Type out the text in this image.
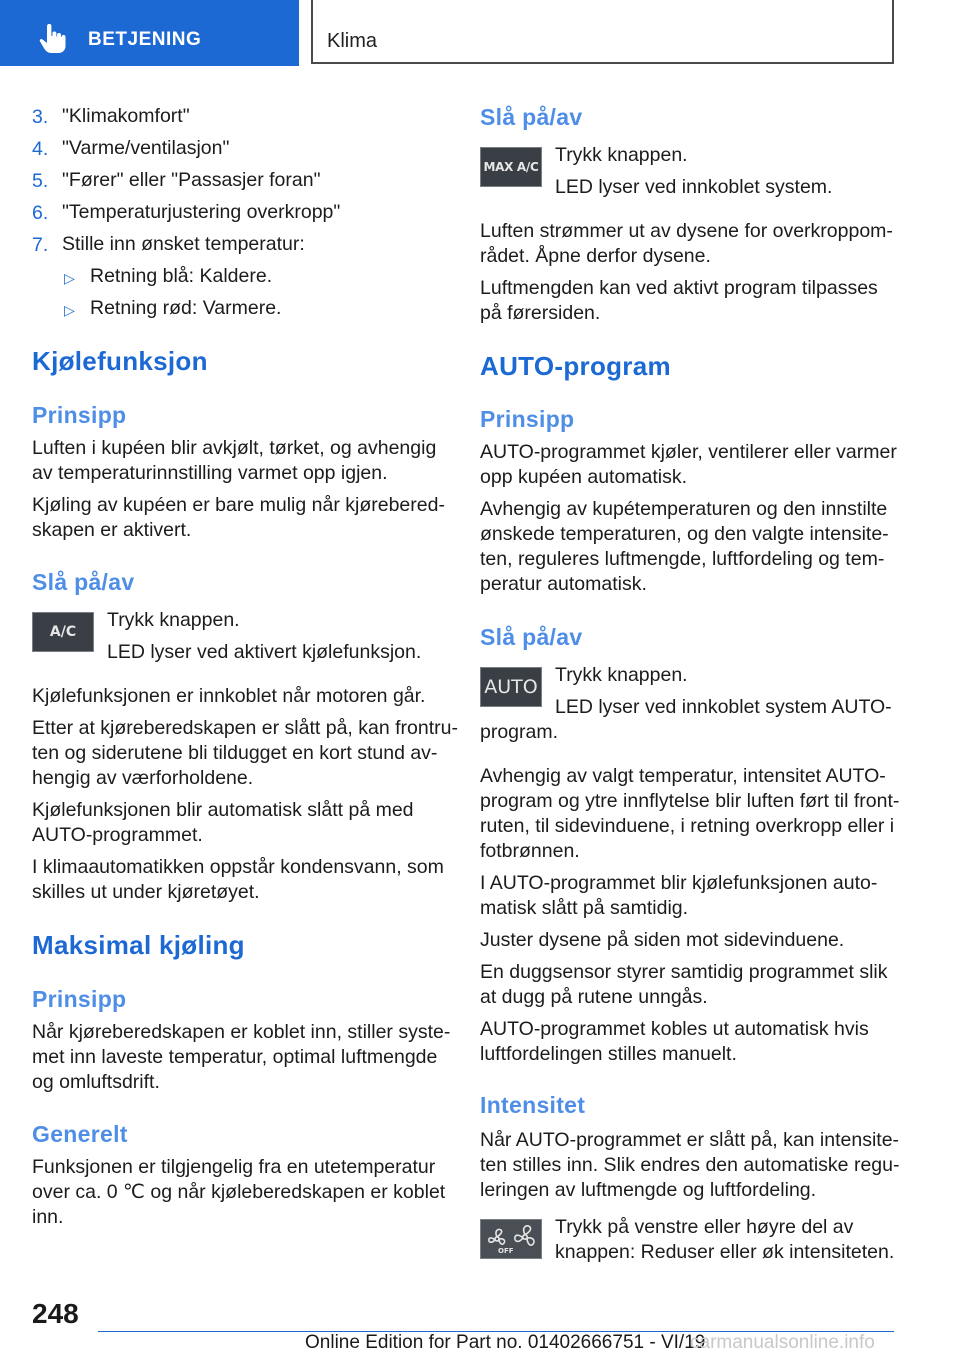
BETJENING	Klima
3. "Klimakomfort"
4. "Varme/ventilasjon"
5. "Fører" eller "Passasjer foran"
6. "Temperaturjustering overkropp"
7. Stille inn ønsket temperatur:
▷ Retning blå: Kaldere.
▷ Retning rød: Varmere.
Kjølefunksjon
Prinsipp
Luften i kupéen blir avkjølt, tørket, og avhengig
av temperaturinnstilling varmet opp igjen.
Kjøling av kupéen er bare mulig når kjørebered-
skapen er aktivert.
Slå på/av
A/C
Trykk knappen.
LED lyser ved aktivert kjølefunksjon.
Kjølefunksjonen er innkoblet når motoren går.
Etter at kjøreberedskapen er slått på, kan frontru-
ten og siderutene bli tildugget en kort stund av-
hengig av værforholdene.
Kjølefunksjonen blir automatisk slått på med
AUTO-programmet.
I klimaautomatikken oppstår kondensvann, som
skilles ut under kjøretøyet.
Maksimal kjøling
Prinsipp
Når kjøreberedskapen er koblet inn, stiller syste-
met inn laveste temperatur, optimal luftmengde
og omluftsdrift.
Generelt
Funksjonen er tilgjengelig fra en utetemperatur
over ca. 0 ℃ og når kjøleberedskapen er koblet
inn.
Slå på/av
MAX A/C
Trykk knappen.
LED lyser ved innkoblet system.
Luften strømmer ut av dysene for overkroppom-
rådet. Åpne derfor dysene.
Luftmengden kan ved aktivt program tilpasses
på førersiden.
AUTO-program
Prinsipp
AUTO-programmet kjøler, ventilerer eller varmer
opp kupéen automatisk.
Avhengig av kupétemperaturen og den innstilte
ønskede temperaturen, og den valgte intensite-
ten, reguleres luftmengde, luftfordeling og tem-
peratur automatisk.
Slå på/av
AUTO
Trykk knappen.
LED lyser ved innkoblet system AUTO-
program.
Avhengig av valgt temperatur, intensitet AUTO-
program og ytre innflytelse blir luften ført til front-
ruten, til sidevinduene, i retning overkropp eller i
fotbrønnen.
I AUTO-programmet blir kjølefunksjonen auto-
matisk slått på samtidig.
Juster dysene på siden mot sidevinduene.
En duggsensor styrer samtidig programmet slik
at dugg på rutene unngås.
AUTO-programmet kobles ut automatisk hvis
luftfordelingen stilles manuelt.
Intensitet
Når AUTO-programmet er slått på, kan intensite-
ten stilles inn. Slik endres den automatiske regu-
leringen av luftmengde og luftfordeling.
OFF
Trykk på venstre eller høyre del av
knappen: Reduser eller øk intensiteten.
248
Online Edition for Part no. 01402666751 - VI/19
carmanualsonline.info
